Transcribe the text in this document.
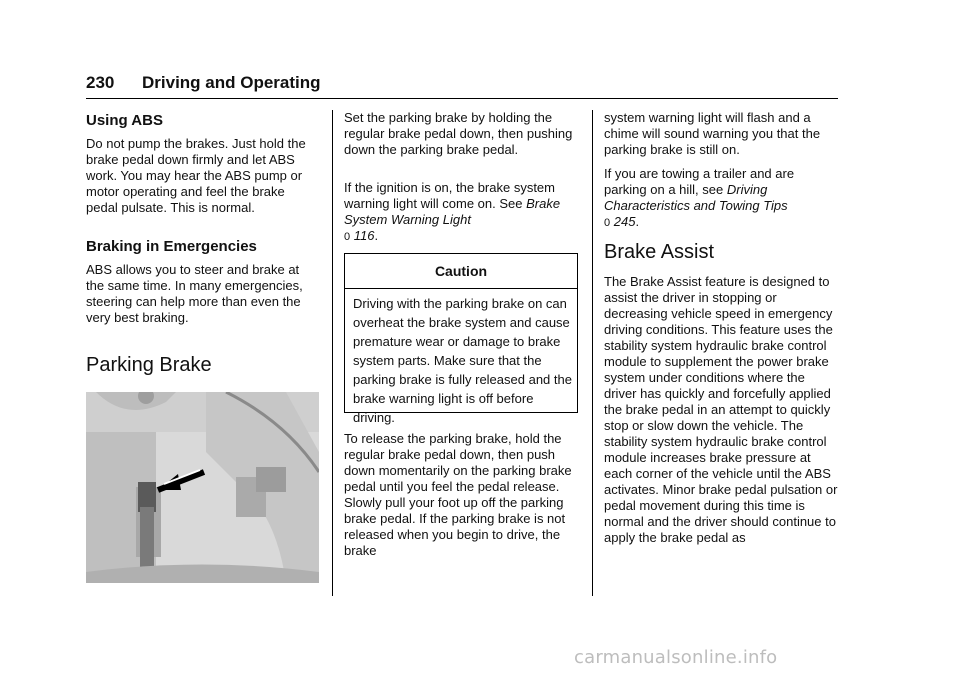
230 Driving and Operating
Using ABS

Do not pump the brakes. Just hold the brake pedal down firmly and let ABS work. You may hear the ABS pump or motor operating and feel the brake pedal pulsate. This is normal.

Braking in Emergencies

ABS allows you to steer and brake at the same time. In many emergencies, steering can help more than even the very best braking.

Parking Brake

Set the parking brake by holding the regular brake pedal down, then pushing down the parking brake pedal.

If the ignition is on, the brake system warning light will come on. See Brake System Warning Light
0 116.

Caution
Driving with the parking brake on can overheat the brake system and cause premature wear or damage to brake system parts. Make sure that the parking brake is fully released and the brake warning light is off before driving.

To release the parking brake, hold the regular brake pedal down, then push down momentarily on the parking brake pedal until you feel the pedal release. Slowly pull your foot up off the parking brake pedal. If the parking brake is not released when you begin to drive, the brake

system warning light will flash and a chime will sound warning you that the parking brake is still on.

If you are towing a trailer and are parking on a hill, see Driving Characteristics and Towing Tips
0 245.

Brake Assist

The Brake Assist feature is designed to assist the driver in stopping or decreasing vehicle speed in emergency driving conditions. This feature uses the stability system hydraulic brake control module to supplement the power brake system under conditions where the driver has quickly and forcefully applied the brake pedal in an attempt to quickly stop or slow down the vehicle. The stability system hydraulic brake control module increases brake pressure at each corner of the vehicle until the ABS activates. Minor brake pedal pulsation or pedal movement during this time is normal and the driver should continue to apply the brake pedal as

carmanualsonline.info
